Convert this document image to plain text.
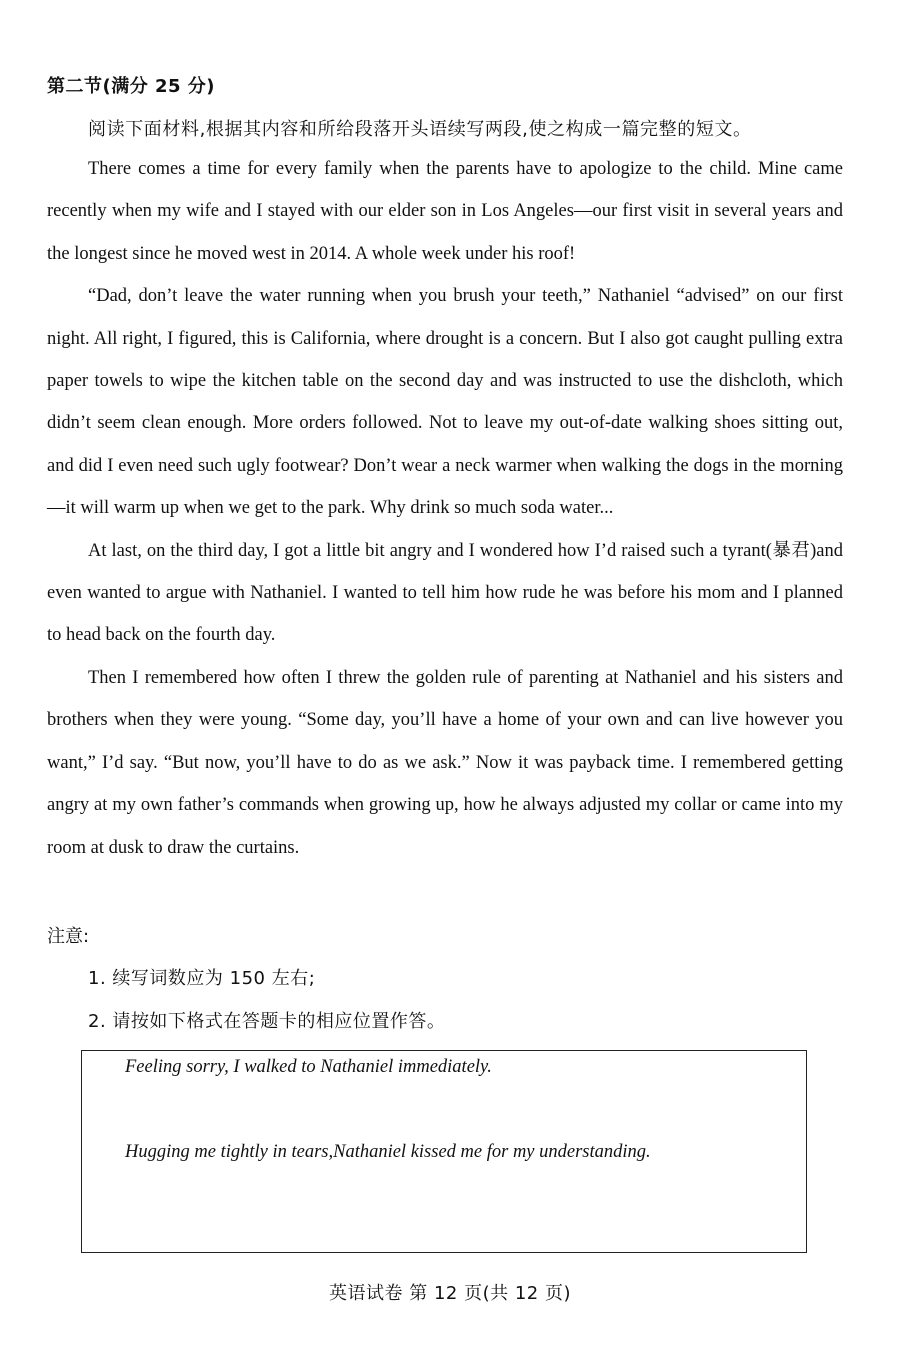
第二节(满分 25 分)

阅读下面材料,根据其内容和所给段落开头语续写两段,使之构成一篇完整的短文。

There comes a time for every family when the parents have to apologize to the child. Mine came recently when my wife and I stayed with our elder son in Los Angeles—our first visit in several years and the longest since he moved west in 2014. A whole week under his roof!

“Dad, don’t leave the water running when you brush your teeth,” Nathaniel “advised” on our first night. All right, I figured, this is California, where drought is a concern. But I also got caught pulling extra paper towels to wipe the kitchen table on the second day and was instructed to use the dishcloth, which didn’t seem clean enough. More orders followed. Not to leave my out-of-date walking shoes sitting out, and did I even need such ugly footwear? Don’t wear a neck warmer when walking the dogs in the morning—it will warm up when we get to the park. Why drink so much soda water...

At last, on the third day, I got a little bit angry and I wondered how I’d raised such a tyrant(暴君)and even wanted to argue with Nathaniel. I wanted to tell him how rude he was before his mom and I planned to head back on the fourth day.

Then I remembered how often I threw the golden rule of parenting at Nathaniel and his sisters and brothers when they were young. “Some day, you’ll have a home of your own and can live however you want,” I’d say. “But now, you’ll have to do as we ask.” Now it was payback time. I remembered getting angry at my own father’s commands when growing up, how he always adjusted my collar or came into my room at dusk to draw the curtains.

注意:

1. 续写词数应为 150 左右;

2. 请按如下格式在答题卡的相应位置作答。

Feeling sorry, I walked to Nathaniel immediately.

Hugging me tightly in tears,Nathaniel kissed me for my understanding.

英语试卷 第 12 页(共 12 页)
